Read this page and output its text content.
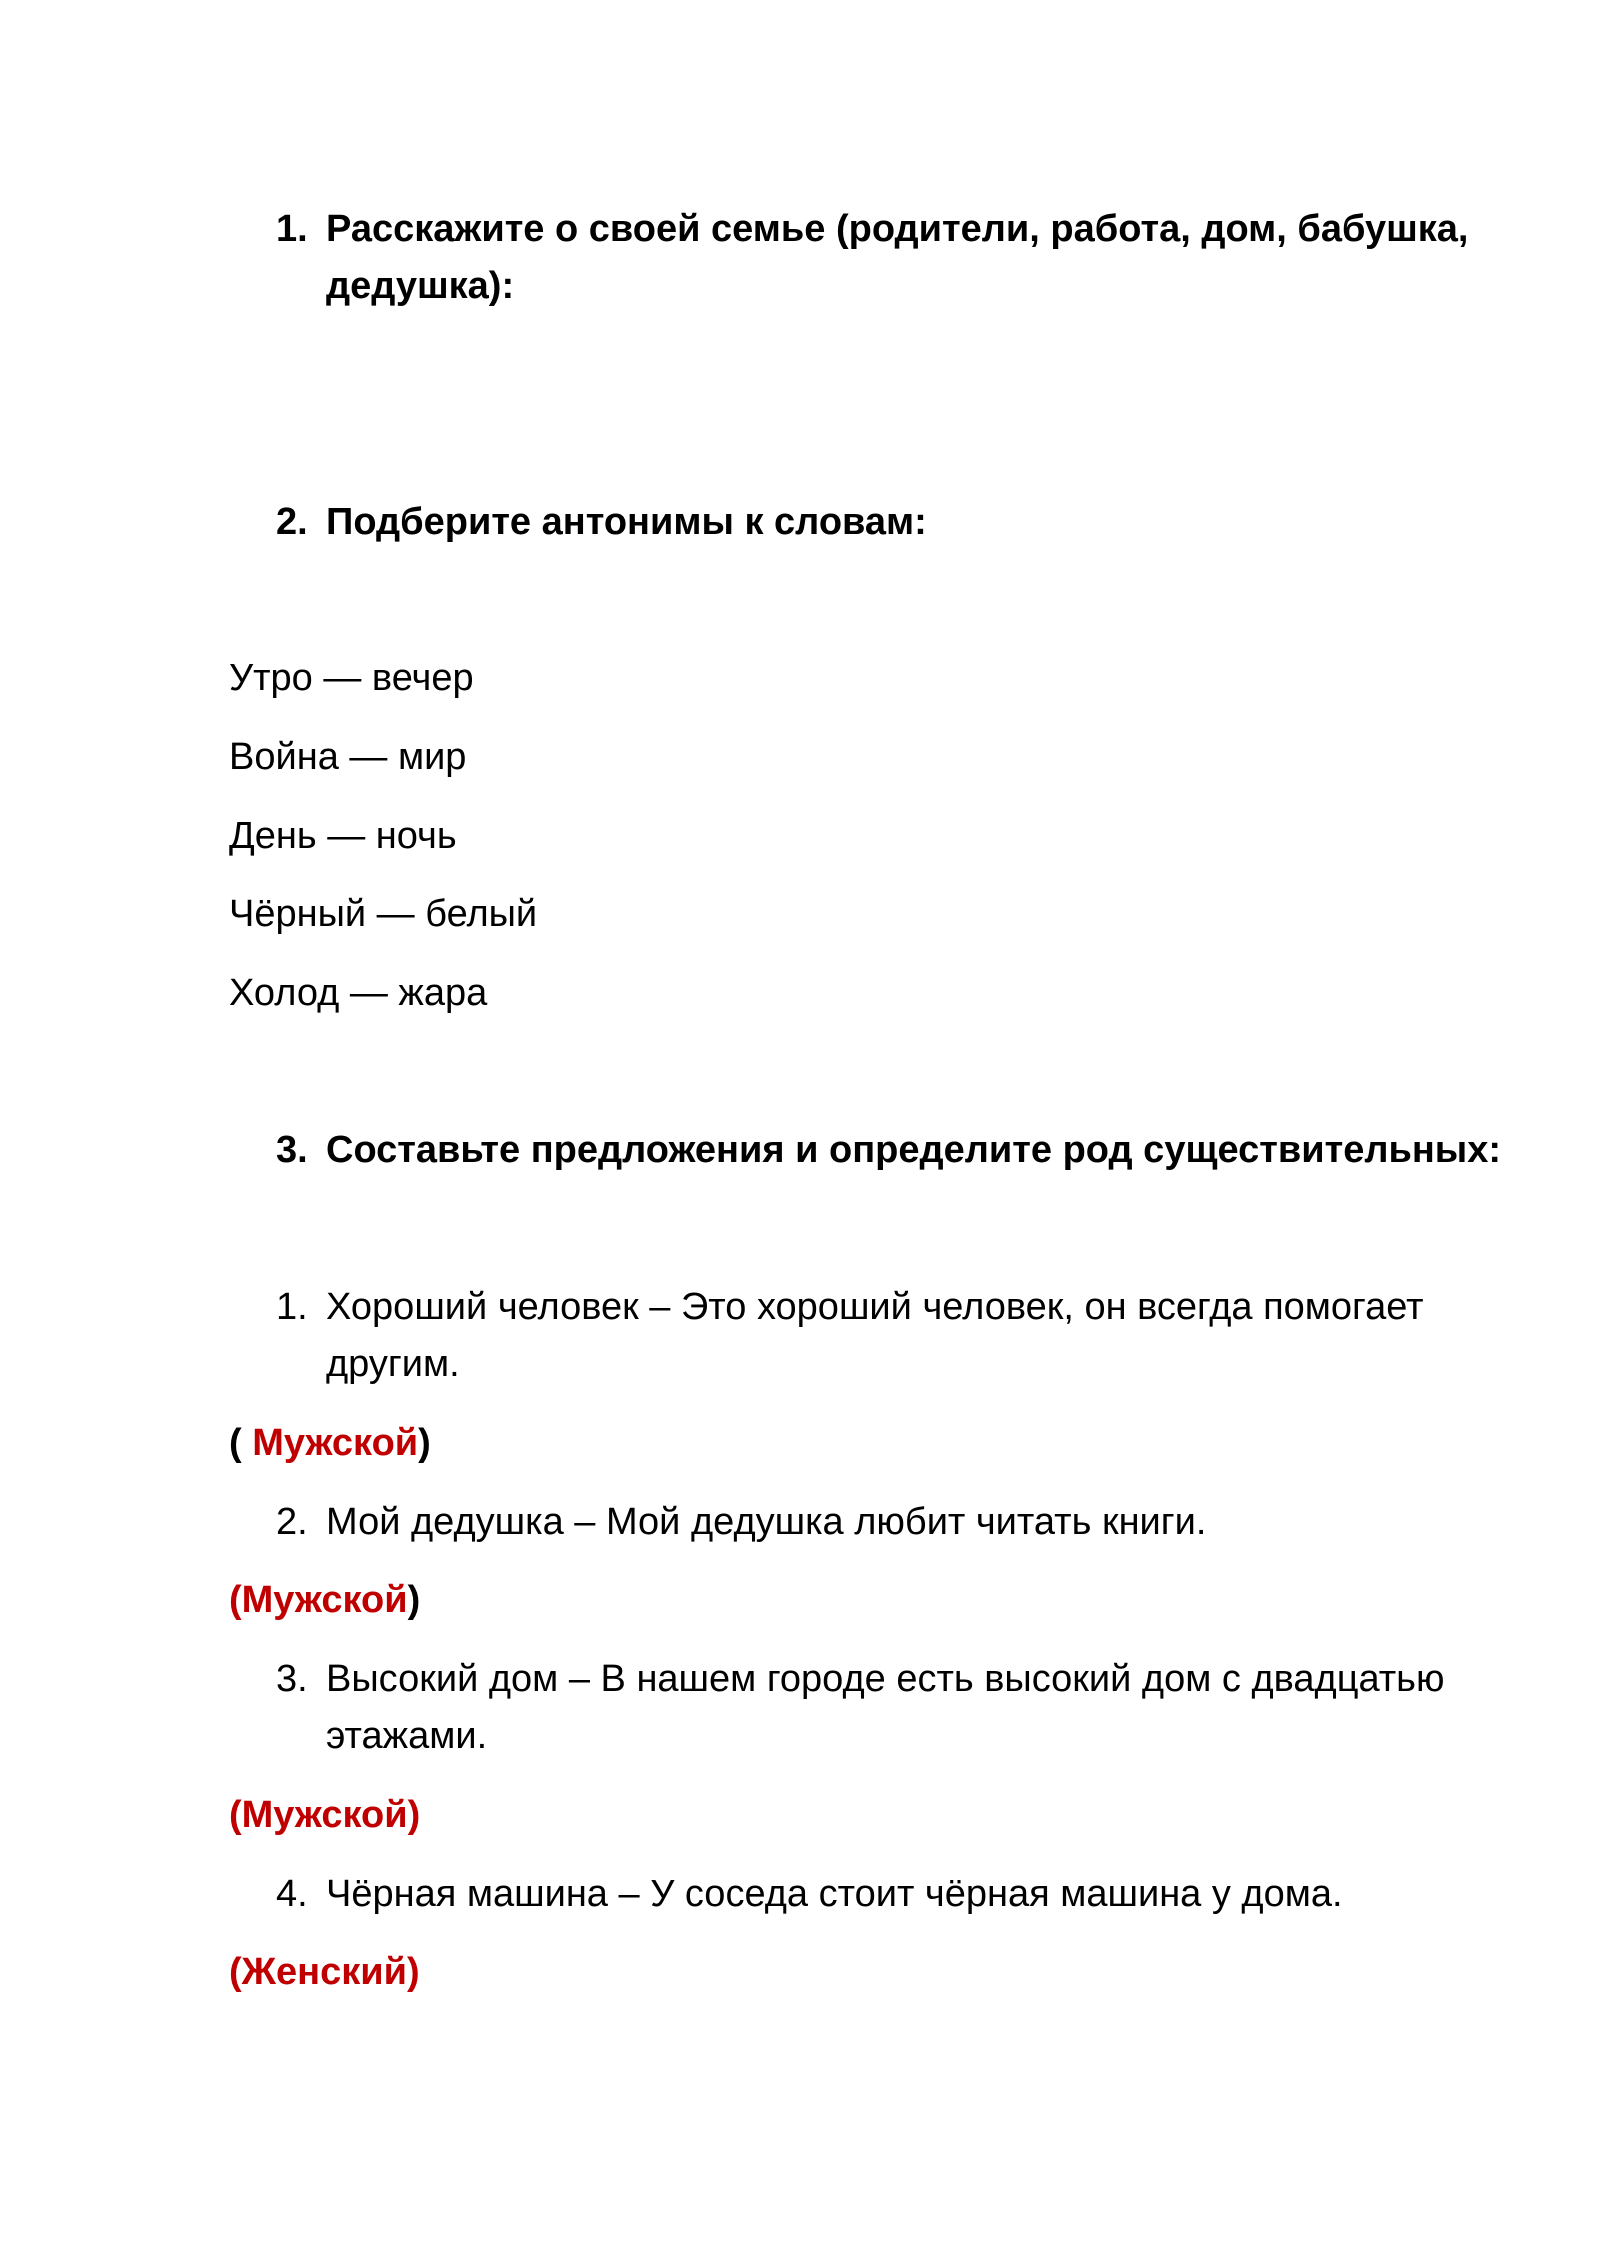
1. Расскажите о своей семье (родители, работа, дом, бабушка,
дедушка):
2. Подберите антонимы к словам:
Утро — вечер
Война — мир
День — ночь
Чёрный — белый
Холод — жара
3. Составьте предложения и определите род существительных:
1. Хороший человек – Это хороший человек, он всегда помогает
другим.
( Мужской)
2. Мой дедушка – Мой дедушка любит читать книги.
(Мужской)
3. Высокий дом – В нашем городе есть высокий дом с двадцатью
этажами.
(Мужской)
4. Чёрная машина – У соседа стоит чёрная машина у дома.
(Женский)
